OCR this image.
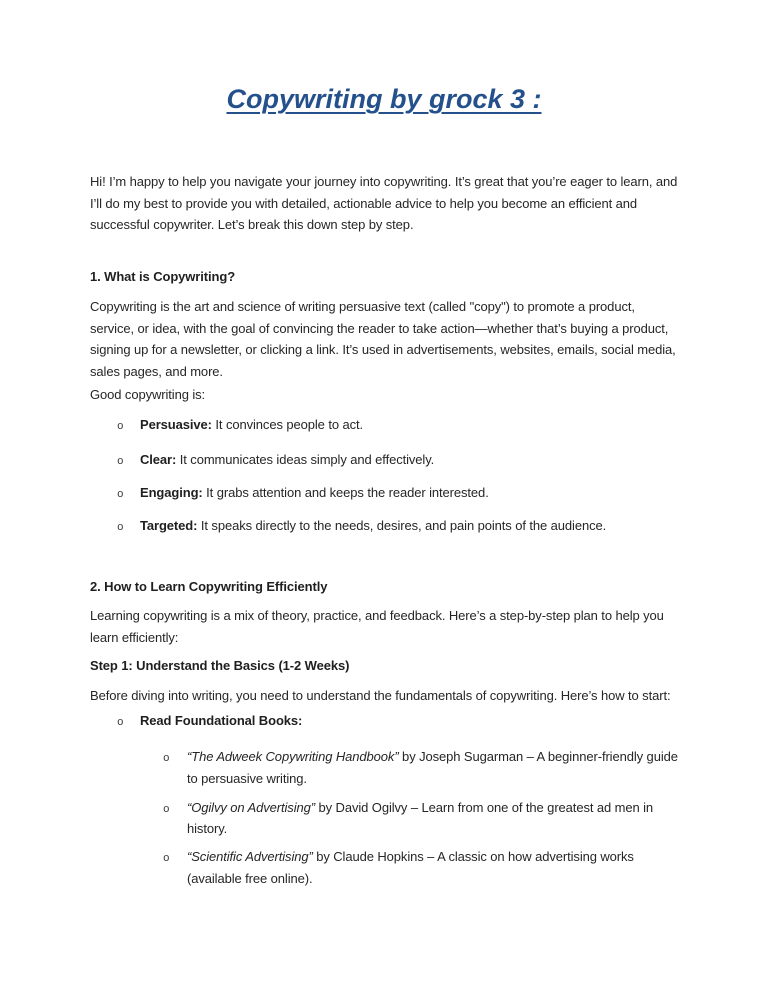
Copywriting by grock 3 :

Hi! I’m happy to help you navigate your journey into copywriting. It’s great that you’re eager to learn, and I’ll do my best to provide you with detailed, actionable advice to help you become an efficient and successful copywriter. Let’s break this down step by step.

1. What is Copywriting?

Copywriting is the art and science of writing persuasive text (called "copy") to promote a product, service, or idea, with the goal of convincing the reader to take action—whether that’s buying a product, signing up for a newsletter, or clicking a link. It’s used in advertisements, websites, emails, social media, sales pages, and more.

Good copywriting is:

o	Persuasive: It convinces people to act.
o	Clear: It communicates ideas simply and effectively.
o	Engaging: It grabs attention and keeps the reader interested.
o	Targeted: It speaks directly to the needs, desires, and pain points of the audience.

2. How to Learn Copywriting Efficiently

Learning copywriting is a mix of theory, practice, and feedback. Here’s a step-by-step plan to help you learn efficiently:

Step 1: Understand the Basics (1-2 Weeks)

Before diving into writing, you need to understand the fundamentals of copywriting. Here’s how to start:

o	Read Foundational Books:
o	“The Adweek Copywriting Handbook” by Joseph Sugarman – A beginner-friendly guide to persuasive writing.
o	“Ogilvy on Advertising” by David Ogilvy – Learn from one of the greatest ad men in history.
o	“Scientific Advertising” by Claude Hopkins – A classic on how advertising works (available free online).
